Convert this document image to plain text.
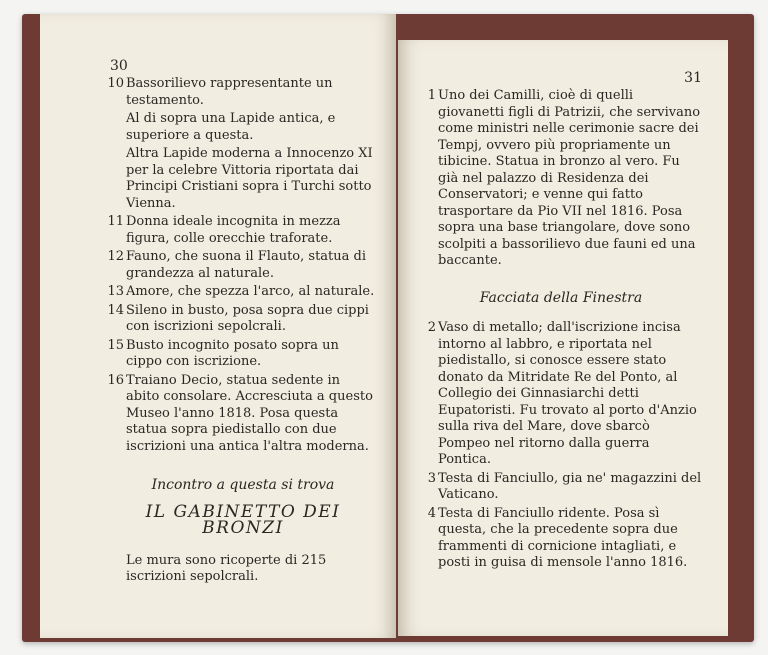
30
10 Bassorilievo rappresentante un testamento.
Al di sopra una Lapide antica, e superiore a questa.
Altra Lapide moderna a Innocenzo XI per la celebre Vittoria riportata dai Principi Cristiani sopra i Turchi sotto Vienna.
11 Donna ideale incognita in mezza figura, colle orecchie traforate.
12 Fauno, che suona il Flauto, statua di grandezza al naturale.
13 Amore, che spezza l'arco, al naturale.
14 Sileno in busto, posa sopra due cippi con iscrizioni sepolcrali.
15 Busto incognito posato sopra un cippo con iscrizione.
16 Traiano Decio, statua sedente in abito consolare. Accresciuta a questo Museo l'anno 1818. Posa questa statua sopra piedistallo con due iscrizioni una antica l'altra moderna.
Incontro a questa si trova
IL GABINETTO DEI BRONZI
Le mura sono ricoperte di 215 iscrizioni sepolcrali.
31
1 Uno dei Camilli, cioè di quelli giovanetti figli di Patrizii, che servivano come ministri nelle cerimonie sacre dei Tempj, ovvero più propriamente un tibicine. Statua in bronzo al vero. Fu già nel palazzo di Residenza dei Conservatori; e venne qui fatto trasportare da Pio VII nel 1816. Posa sopra una base triangolare, dove sono scolpiti a bassorilievo due fauni ed una baccante.
Facciata della Finestra
2 Vaso di metallo; dall'iscrizione incisa intorno al labbro, e riportata nel piedistallo, si conosce essere stato donato da Mitridate Re del Ponto, al Collegio dei Ginnasiarchi detti Eupatoristi. Fu trovato al porto d'Anzio sulla riva del Mare, dove sbarcò Pompeo nel ritorno dalla guerra Pontica.
3 Testa di Fanciullo, gia ne' magazzini del Vaticano.
4 Testa di Fanciullo ridente. Posa sì questa, che la precedente sopra due frammenti di cornicione intagliati, e posti in guisa di mensole l'anno 1816.
